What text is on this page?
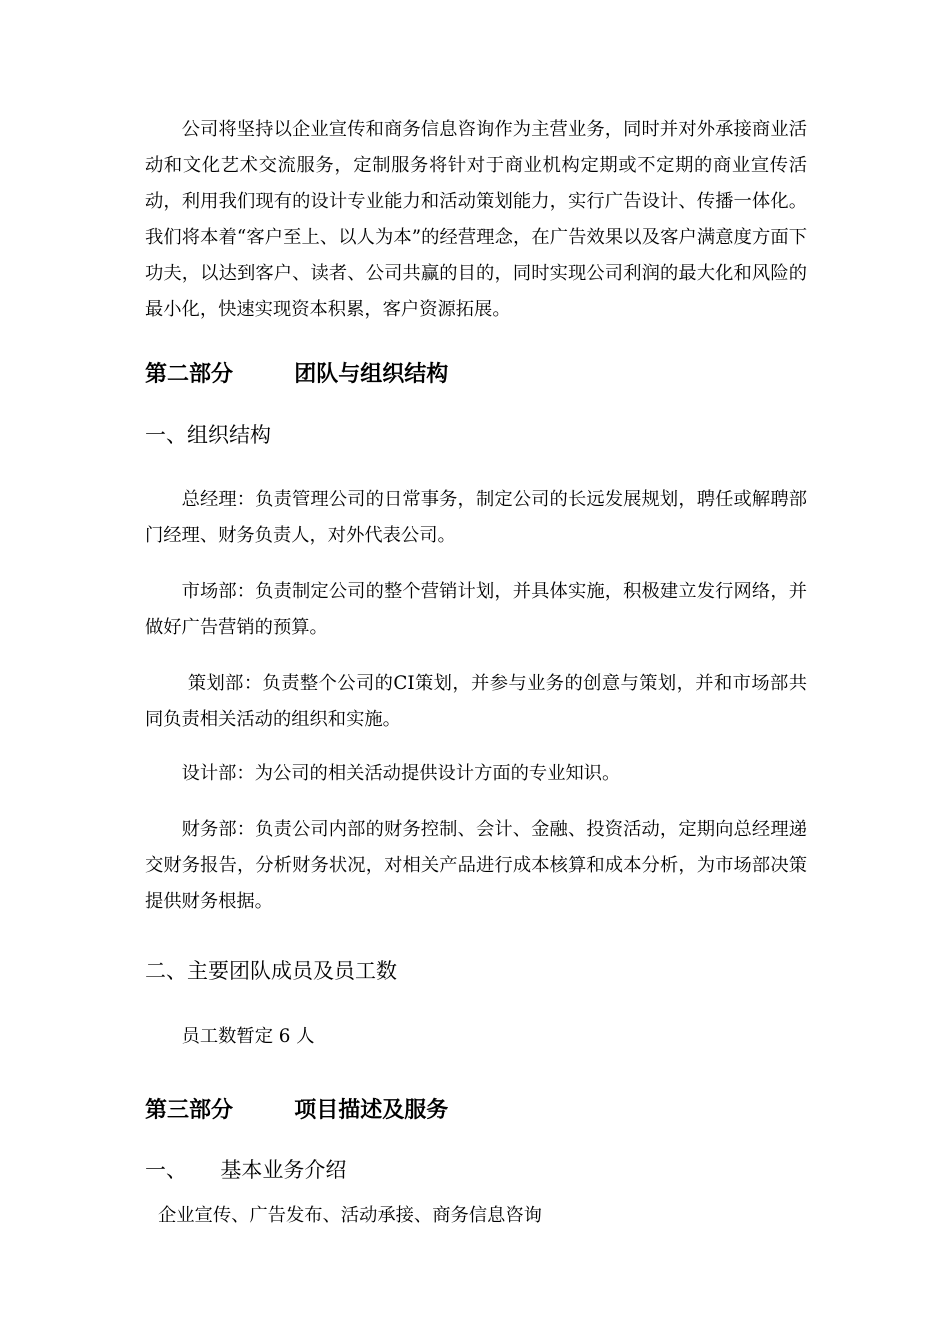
公司将坚持以企业宣传和商务信息咨询作为主营业务，同时并对外承接商业活动和文化艺术交流服务，定制服务将针对于商业机构定期或不定期的商业宣传活动，利用我们现有的设计专业能力和活动策划能力，实行广告设计、传播一体化。我们将本着“客户至上、以人为本”的经营理念，在广告效果以及客户满意度方面下功夫，以达到客户、读者、公司共赢的目的，同时实现公司利润的最大化和风险的最小化，快速实现资本积累，客户资源拓展。

第二部分        团队与组织结构
一、组织结构

总经理：负责管理公司的日常事务，制定公司的长远发展规划，聘任或解聘部门经理、财务负责人，对外代表公司。

市场部：负责制定公司的整个营销计划，并具体实施，积极建立发行网络，并做好广告营销的预算。

策划部：负责整个公司的CI策划，并参与业务的创意与策划，并和市场部共同负责相关活动的组织和实施。

设计部：为公司的相关活动提供设计方面的专业知识。

财务部：负责公司内部的财务控制、会计、金融、投资活动，定期向总经理递交财务报告，分析财务状况，对相关产品进行成本核算和成本分析，为市场部决策提供财务根据。

二、主要团队成员及员工数

员工数暂定 6 人

第三部分        项目描述及服务
一、     基本业务介绍

企业宣传、广告发布、活动承接、商务信息咨询
